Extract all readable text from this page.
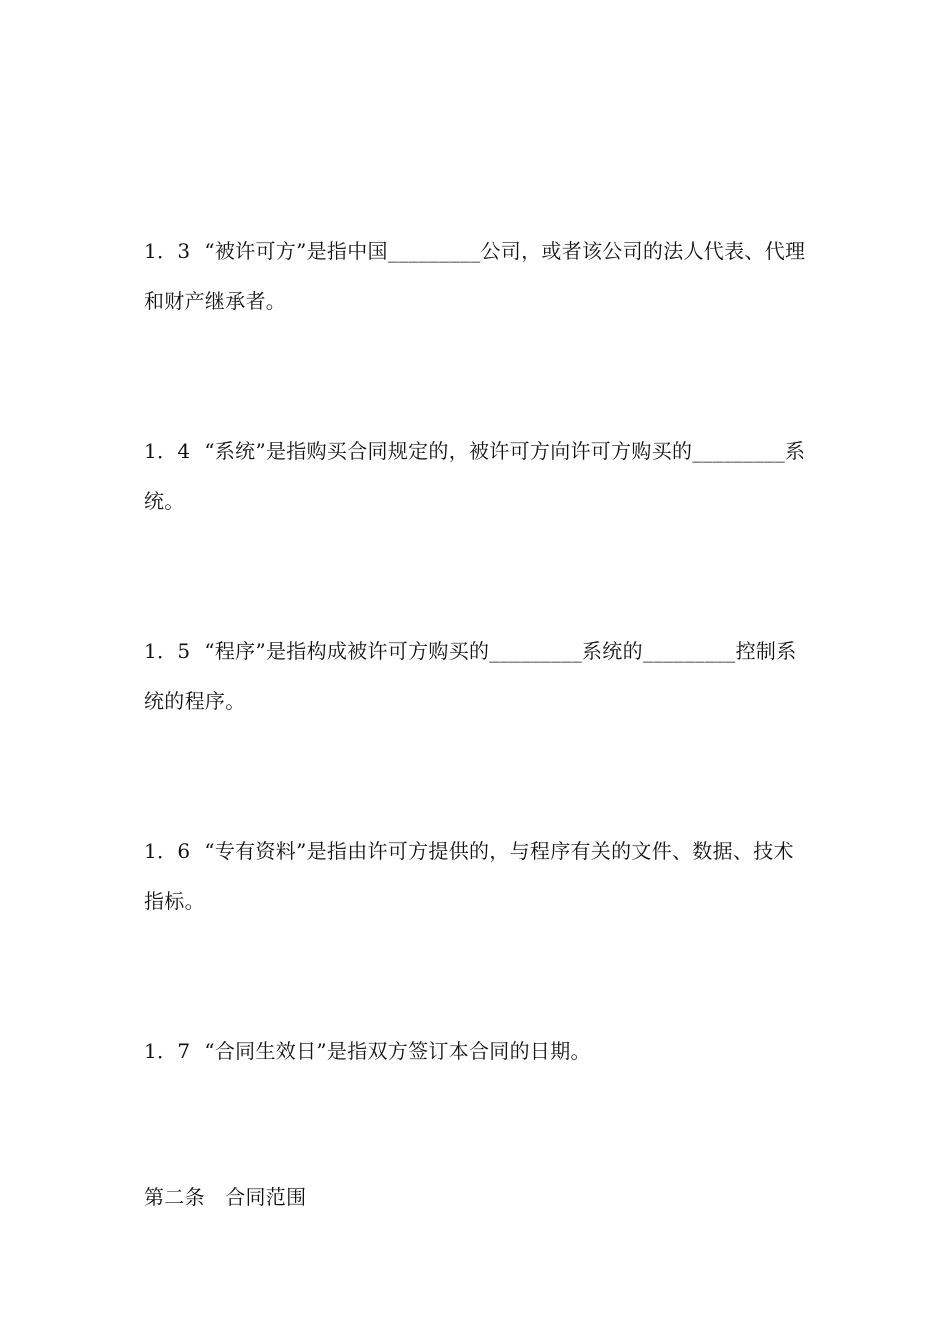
1．3 “被许可方”是指中国_________公司，或者该公司的法人代表、代理和财产继承者。

1．4 “系统”是指购买合同规定的，被许可方向许可方购买的_________系统。

1．5 “程序”是指构成被许可方购买的_________系统的_________控制系统的程序。

1．6 “专有资料”是指由许可方提供的，与程序有关的文件、数据、技术指标。

1．7 “合同生效日”是指双方签订本合同的日期。

第二条　合同范围
